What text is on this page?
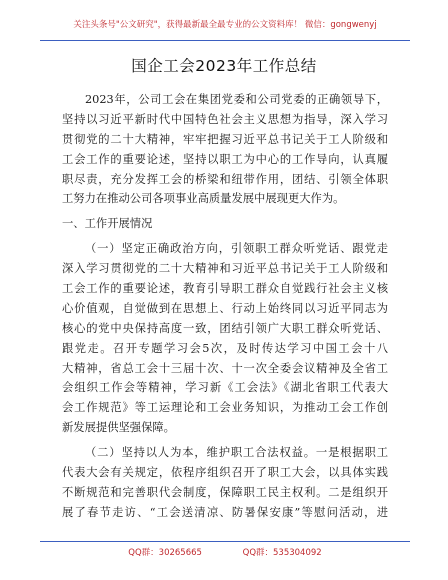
关注头条号"公文研究"，获得最新最全最专业的公文资料库！ 微信：gongwenyj
国企工会2023年工作总结

2023年，公司工会在集团党委和公司党委的正确领导下，

坚持以习近平新时代中国特色社会主义思想为指导，深入学习

贯彻党的二十大精神，牢牢把握习近平总书记关于工人阶级和

工会工作的重要论述，坚持以职工为中心的工作导向，认真履

职尽责，充分发挥工会的桥梁和纽带作用，团结、引领全体职

工努力在推动公司各项事业高质量发展中展现更大作为。

一、工作开展情况

（一）坚定正确政治方向，引领职工群众听党话、跟党走

深入学习贯彻党的二十大精神和习近平总书记关于工人阶级和

工会工作的重要论述，教育引导职工群众自觉践行社会主义核

心价值观，自觉做到在思想上、行动上始终同以习近平同志为

核心的党中央保持高度一致，团结引领广大职工群众听党话、

跟党走。召开专题学习会5次，及时传达学习中国工会十八

大精神，省总工会十三届十次、十一次全委会议精神及全省工

会组织工作会等精神，学习新《工会法》《湖北省职工代表大

会工作规范》等工运理论和工会业务知识，为推动工会工作创

新发展提供坚强保障。

（二）坚持以人为本，维护职工合法权益。一是根据职工

代表大会有关规定，依程序组织召开了职工大会，以具体实践

不断规范和完善职代会制度，保障职工民主权利。二是组织开

展了春节走访、“工会送清凉、防暑保安康”等慰问活动，进

QQ群：30265665	QQ群：535304092
